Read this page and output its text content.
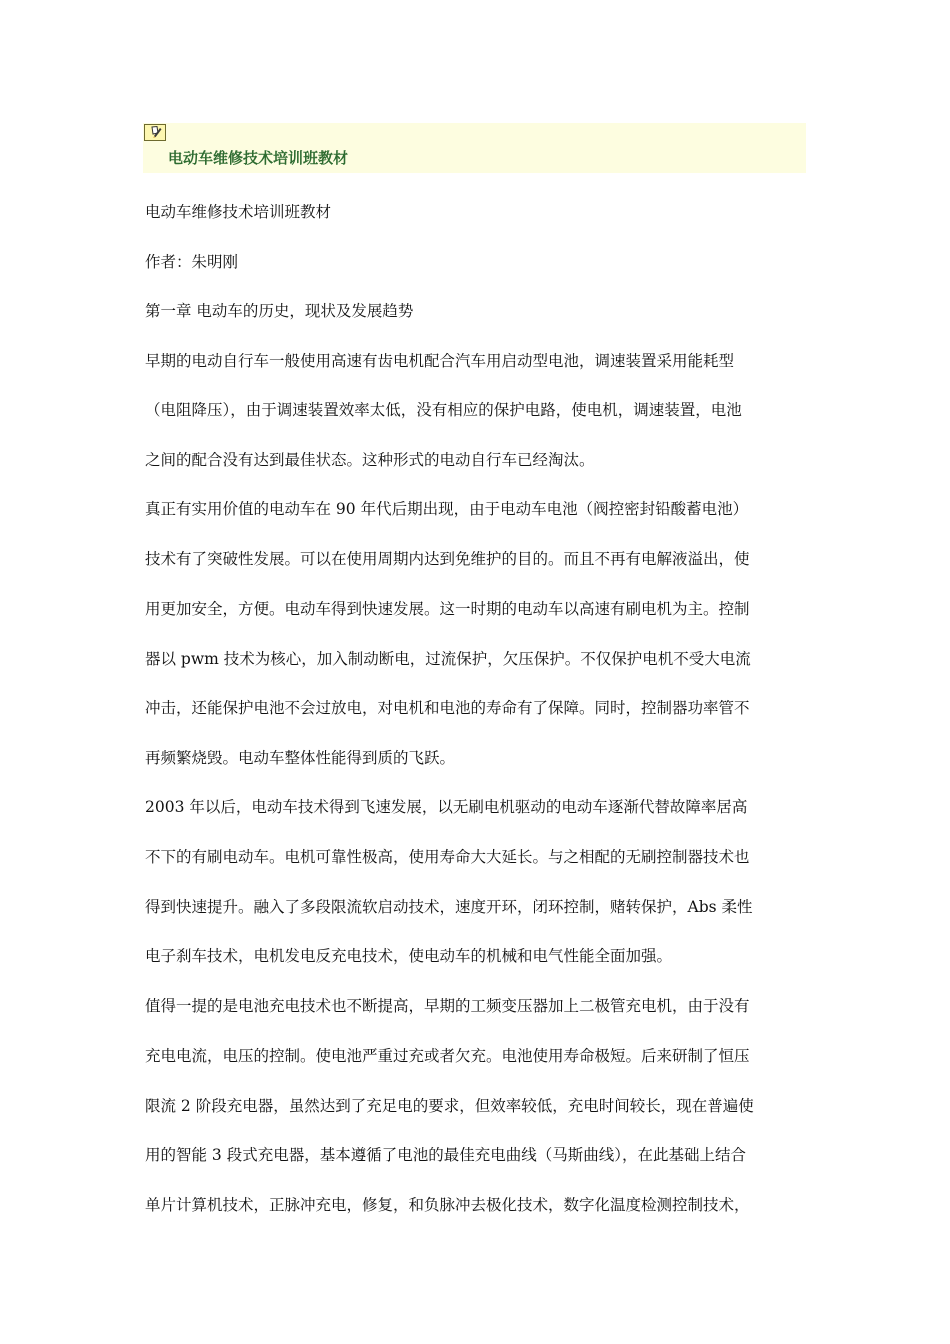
电动车维修技术培训班教材
电动车维修技术培训班教材
作者：朱明刚
第一章 电动车的历史，现状及发展趋势
早期的电动自行车一般使用高速有齿电机配合汽车用启动型电池，调速装置采用能耗型
（电阻降压），由于调速装置效率太低，没有相应的保护电路，使电机，调速装置，电池
之间的配合没有达到最佳状态。这种形式的电动自行车已经淘汰。
真正有实用价值的电动车在 90 年代后期出现，由于电动车电池（阀控密封铅酸蓄电池）
技术有了突破性发展。可以在使用周期内达到免维护的目的。而且不再有电解液溢出，使
用更加安全，方便。电动车得到快速发展。这一时期的电动车以高速有刷电机为主。控制
器以 pwm 技术为核心，加入制动断电，过流保护，欠压保护。不仅保护电机不受大电流
冲击，还能保护电池不会过放电，对电机和电池的寿命有了保障。同时，控制器功率管不
再频繁烧毁。电动车整体性能得到质的飞跃。
2003 年以后，电动车技术得到飞速发展，以无刷电机驱动的电动车逐渐代替故障率居高
不下的有刷电动车。电机可靠性极高，使用寿命大大延长。与之相配的无刷控制器技术也
得到快速提升。融入了多段限流软启动技术，速度开环，闭环控制，赌转保护，Abs 柔性
电子刹车技术，电机发电反充电技术，使电动车的机械和电气性能全面加强。
值得一提的是电池充电技术也不断提高，早期的工频变压器加上二极管充电机，由于没有
充电电流，电压的控制。使电池严重过充或者欠充。电池使用寿命极短。后来研制了恒压
限流 2 阶段充电器，虽然达到了充足电的要求，但效率较低，充电时间较长，现在普遍使
用的智能 3 段式充电器，基本遵循了电池的最佳充电曲线（马斯曲线），在此基础上结合
单片计算机技术，正脉冲充电，修复，和负脉冲去极化技术，数字化温度检测控制技术，
